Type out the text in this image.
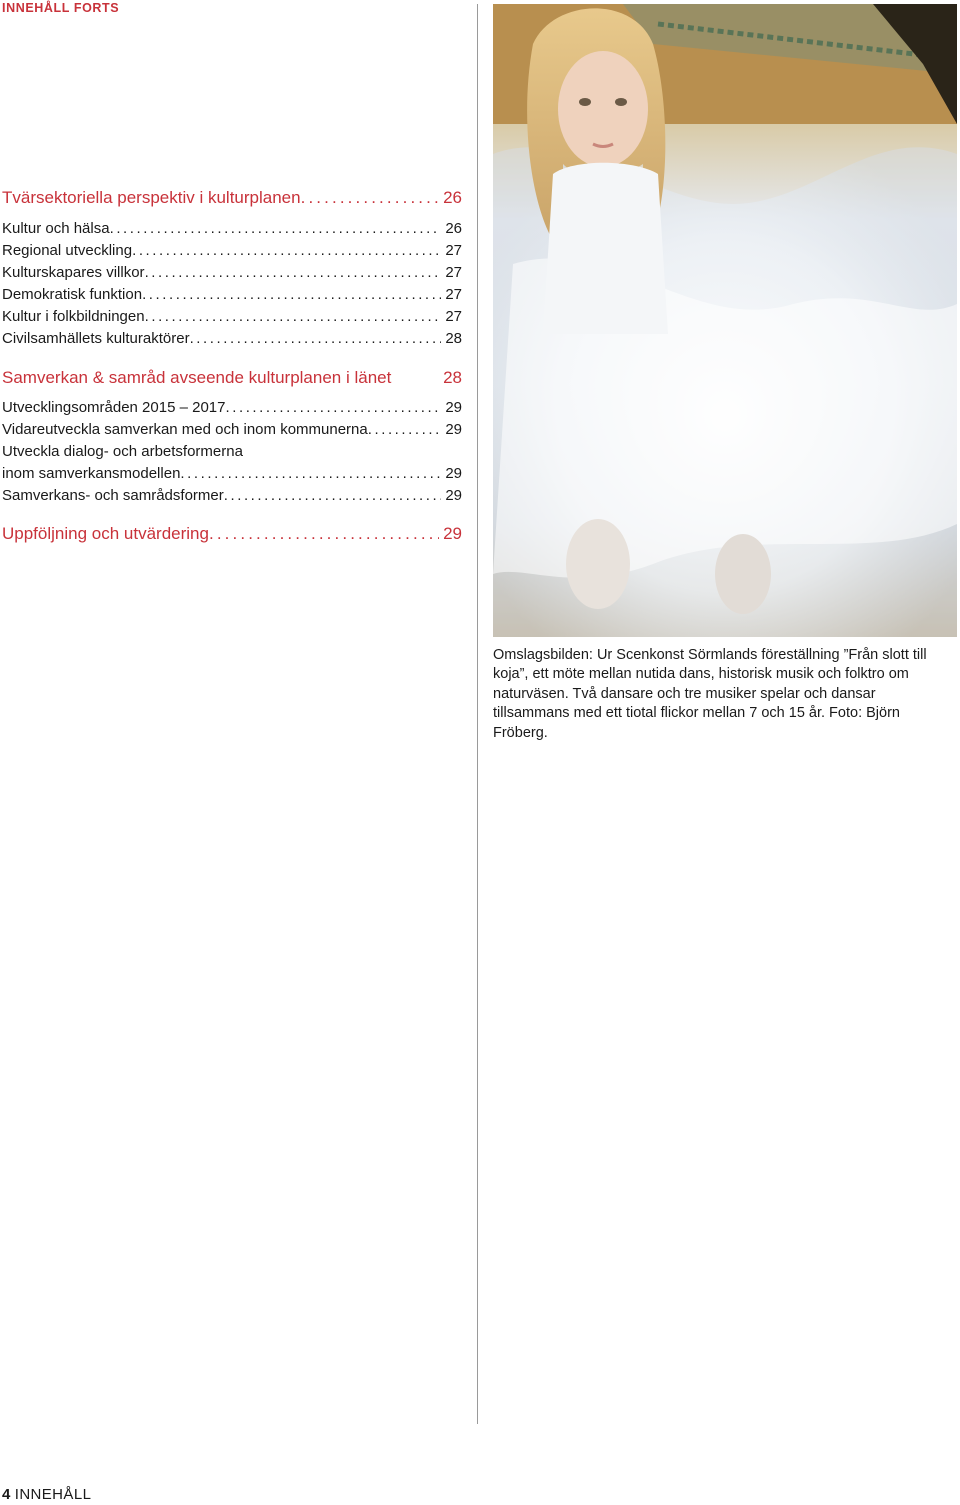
INNEHÅLL FORTS
Tvärsektoriella perspektiv i kulturplanen . . .	26
Kultur och hälsa . . .	26
Regional utveckling . . .	27
Kulturskapares villkor . . .	27
Demokratisk funktion . . .	27
Kultur i folkbildningen . . .	27
Civilsamhällets kulturaktörer . . .	28
Samverkan & samråd avseende kulturplanen i länet	28
Utvecklingsområden 2015 – 2017 . . .	29
Vidareutveckla samverkan med och inom kommunerna . . .	29
Utveckla dialog- och arbetsformerna
inom samverkansmodellen . . .	29
Samverkans- och samrådsformer . . .	29
Uppföljning och utvärdering . . .	29
Omslagsbilden: Ur Scenkonst Sörmlands föreställning ”Från slott till koja”, ett möte mellan nutida dans, historisk musik och folktro om naturväsen. Två dansare och tre musiker spelar och dansar tillsammans med ett tiotal flickor mellan 7 och 15 år. Foto: Björn Fröberg.
4 INNEHÅLL
